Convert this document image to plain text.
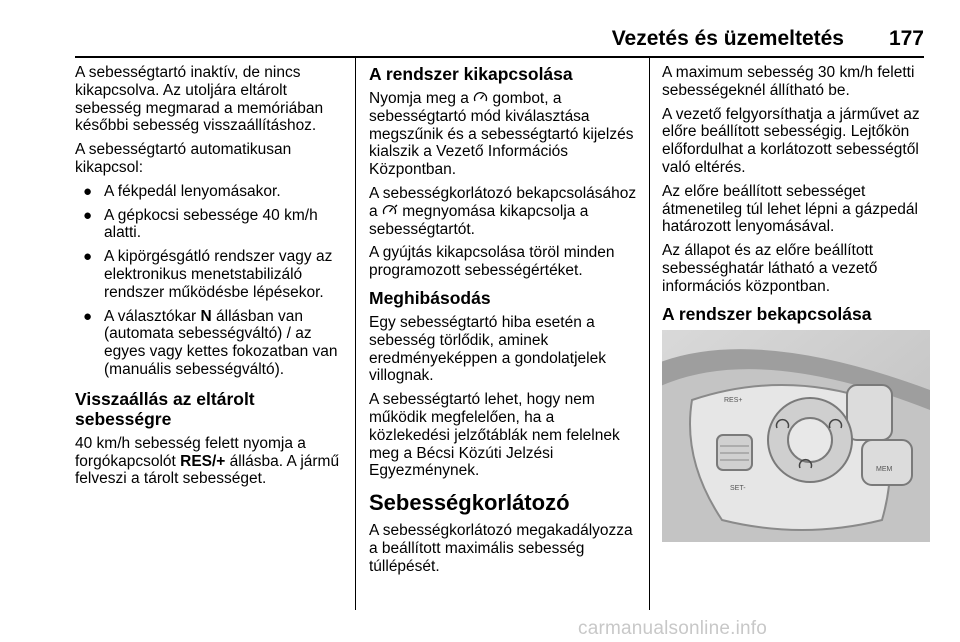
Vezetés és üzemeltetés 177

A sebességtartó inaktív, de nincs kikapcsolva. Az utoljára eltárolt sebesség megmarad a memóriában későbbi sebesség visszaállításhoz.

A sebességtartó automatikusan kikapcsol:

● A fékpedál lenyomásakor.
● A gépkocsi sebessége 40 km/h alatti.
● A kipörgésgátló rendszer vagy az elektronikus menetstabilizáló rendszer működésbe lépésekor.
● A választókar N állásban van (automata sebességváltó) / az egyes vagy kettes fokozatban van (manuális sebességváltó).
Visszaállás az eltárolt sebességre

40 km/h sebesség felett nyomja a forgókapcsolót RES/+ állásba. A jármű felveszi a tárolt sebességet.

A rendszer kikapcsolása

Nyomja meg a  gombot, a sebességtartó mód kiválasztása megszűnik és a sebességtartó kijelzés kialszik a Vezető Információs Központban.

A sebességkorlátozó bekapcsolásához a  megnyomása kikapcsolja a sebességtartót.

A gyújtás kikapcsolása töröl minden programozott sebességértéket.

Meghibásodás

Egy sebességtartó hiba esetén a sebesség törlődik, aminek eredményeképpen a gondolatjelek villognak.

A sebességtartó lehet, hogy nem működik megfelelően, ha a közlekedési jelzőtáblák nem felelnek meg a Bécsi Közúti Jelzési Egyezménynek.

Sebességkorlátozó

A sebességkorlátozó megakadályozza a beállított maximális sebesség túllépését.

A maximum sebesség 30 km/h feletti sebességeknél állítható be.

A vezető felgyorsíthatja a járművet az előre beállított sebességig. Lejtőkön előfordulhat a korlátozott sebességtől való eltérés.

Az előre beállított sebességet átmenetileg túl lehet lépni a gázpedál határozott lenyomásával.

Az állapot és az előre beállított sebességhatár látható a vezető információs központban.

A rendszer bekapcsolása
RES+
SET-
MEM
carmanualsonline.info
